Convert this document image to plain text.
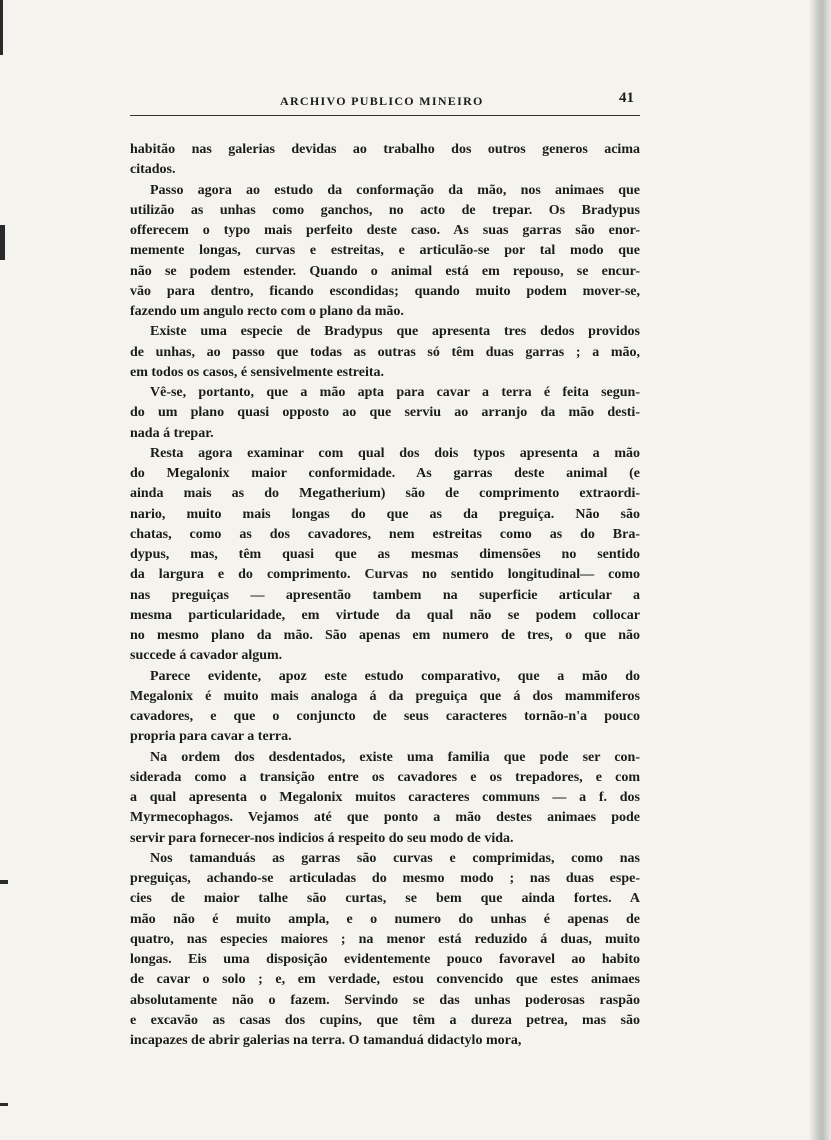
ARCHIVO PUBLICO MINEIRO	41
habitão nas galerias devidas ao trabalho dos outros generos acima
citados.
Passo agora ao estudo da conformação da mão, nos animaes que
utilizão as unhas como ganchos, no acto de trepar. Os Bradypus
offerecem o typo mais perfeito deste caso. As suas garras são enor-
memente longas, curvas e estreitas, e articulão-se por tal modo que
não se podem estender. Quando o animal está em repouso, se encur-
vão para dentro, ficando escondidas; quando muito podem mover-se,
fazendo um angulo recto com o plano da mão.
Existe uma especie de Bradypus que apresenta tres dedos providos
de unhas, ao passo que todas as outras só têm duas garras ; a mão,
em todos os casos, é sensivelmente estreita.
Vê-se, portanto, que a mão apta para cavar a terra é feita segun-
do um plano quasi opposto ao que serviu ao arranjo da mão desti-
nada á trepar.
Resta agora examinar com qual dos dois typos apresenta a mão
do Megalonix maior conformidade. As garras deste animal (e
ainda mais as do Megatherium) são de comprimento extraordi-
nario, muito mais longas do que as da preguiça. Não são
chatas, como as dos cavadores, nem estreitas como as do Bra-
dypus, mas, têm quasi que as mesmas dimensões no sentido
da largura e do comprimento. Curvas no sentido longitudinal— como
nas preguiças — apresentão tambem na superficie articular a
mesma particularidade, em virtude da qual não se podem collocar
no mesmo plano da mão. São apenas em numero de tres, o que não
succede á cavador algum.
Parece evidente, apoz este estudo comparativo, que a mão do
Megalonix é muito mais analoga á da preguiça que á dos mammiferos
cavadores, e que o conjuncto de seus caracteres tornão-n'a pouco
propria para cavar a terra.
Na ordem dos desdentados, existe uma familia que pode ser con-
siderada como a transição entre os cavadores e os trepadores, e com
a qual apresenta o Megalonix muitos caracteres communs — a f. dos
Myrmecophagos. Vejamos até que ponto a mão destes animaes pode
servir para fornecer-nos indicios á respeito do seu modo de vida.
Nos tamanduás as garras são curvas e comprimidas, como nas
preguiças, achando-se articuladas do mesmo modo ; nas duas espe-
cies de maior talhe são curtas, se bem que ainda fortes. A
mão não é muito ampla, e o numero do unhas é apenas de
quatro, nas especies maiores ; na menor está reduzido á duas, muito
longas. Eis uma disposição evidentemente pouco favoravel ao habito
de cavar o solo ; e, em verdade, estou convencido que estes animaes
absolutamente não o fazem. Servindo se das unhas poderosas raspão
e excavão as casas dos cupins, que têm a dureza petrea, mas são
incapazes de abrir galerias na terra. O tamanduá didactylo mora,
